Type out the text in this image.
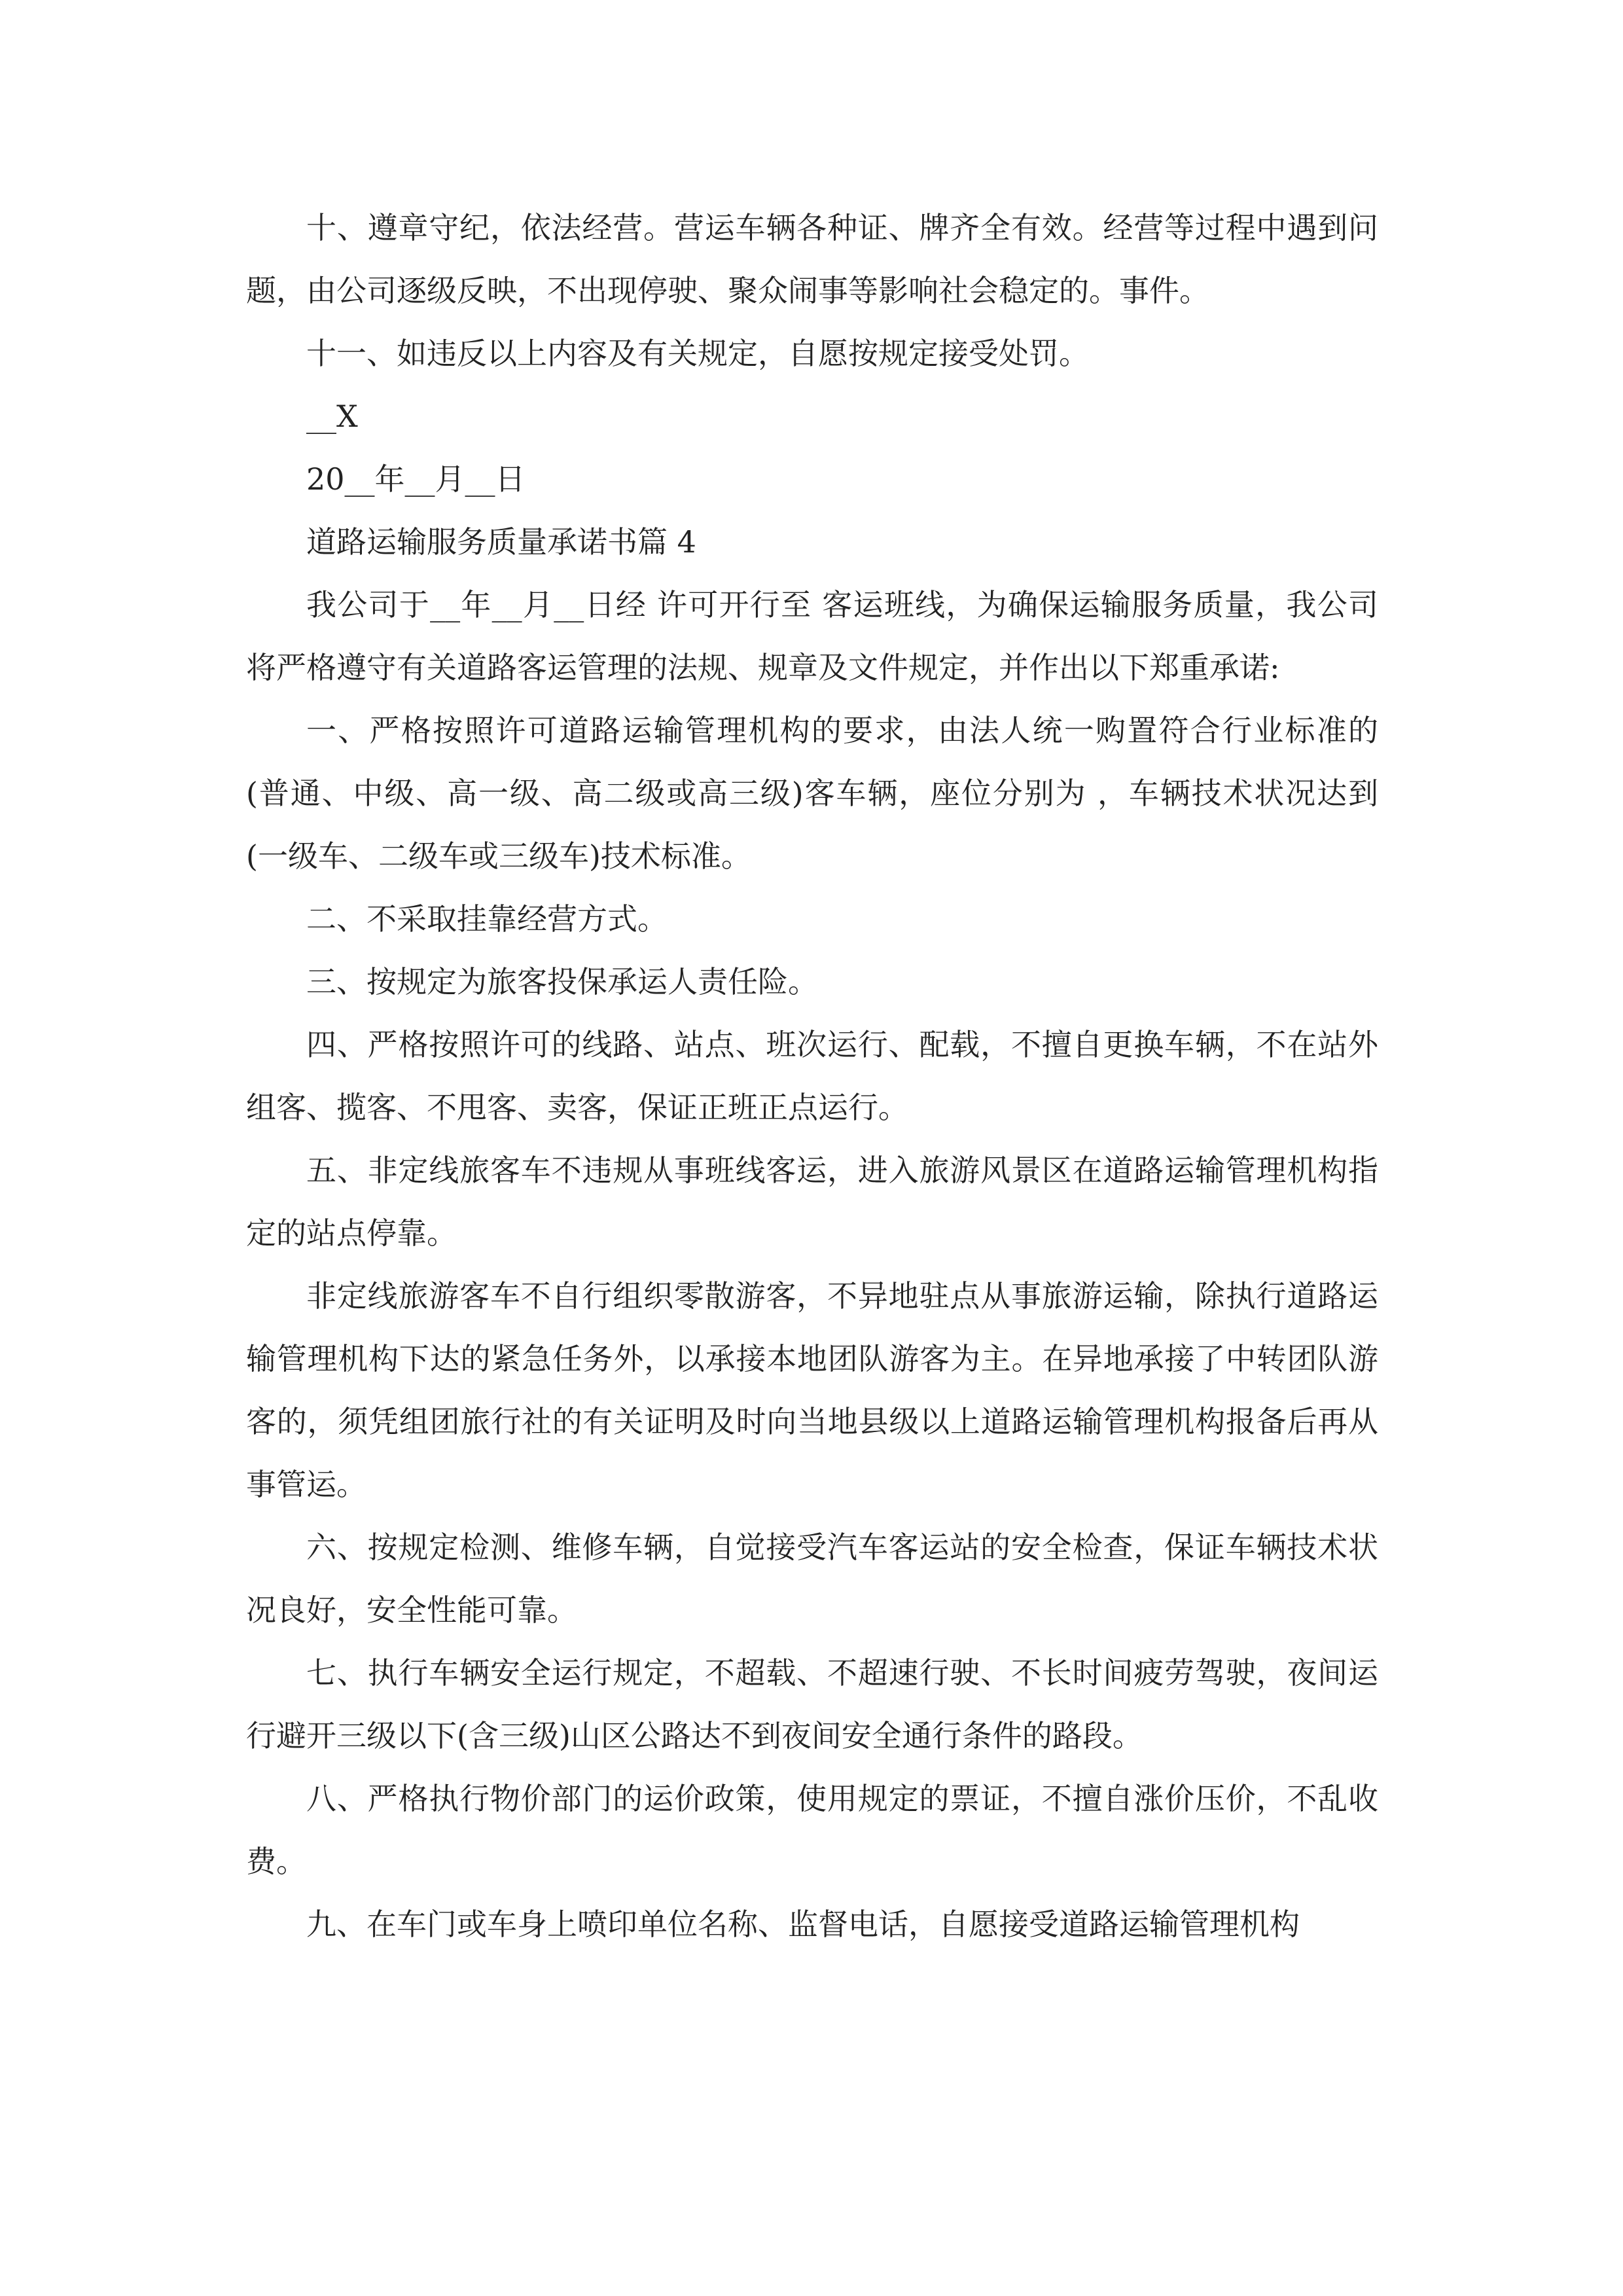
十、遵章守纪，依法经营。营运车辆各种证、牌齐全有效。经营等过程中遇到问题，由公司逐级反映，不出现停驶、聚众闹事等影响社会稳定的。事件。

十一、如违反以上内容及有关规定，自愿按规定接受处罚。

__X

20__年__月__日

道路运输服务质量承诺书篇 4

我公司于__年__月__日经 许可开行至 客运班线，为确保运输服务质量，我公司将严格遵守有关道路客运管理的法规、规章及文件规定，并作出以下郑重承诺:

一、严格按照许可道路运输管理机构的要求，由法人统一购置符合行业标准的 (普通、中级、高一级、高二级或高三级)客车辆，座位分别为 ，车辆技术状况达到 (一级车、二级车或三级车)技术标准。

二、不采取挂靠经营方式。

三、按规定为旅客投保承运人责任险。

四、严格按照许可的线路、站点、班次运行、配载，不擅自更换车辆，不在站外组客、揽客、不甩客、卖客，保证正班正点运行。

五、非定线旅客车不违规从事班线客运，进入旅游风景区在道路运输管理机构指定的站点停靠。

非定线旅游客车不自行组织零散游客，不异地驻点从事旅游运输，除执行道路运输管理机构下达的紧急任务外，以承接本地团队游客为主。在异地承接了中转团队游客的，须凭组团旅行社的有关证明及时向当地县级以上道路运输管理机构报备后再从事管运。

六、按规定检测、维修车辆，自觉接受汽车客运站的安全检查，保证车辆技术状况良好，安全性能可靠。

七、执行车辆安全运行规定，不超载、不超速行驶、不长时间疲劳驾驶，夜间运行避开三级以下(含三级)山区公路达不到夜间安全通行条件的路段。

八、严格执行物价部门的运价政策，使用规定的票证，不擅自涨价压价，不乱收费。

九、在车门或车身上喷印单位名称、监督电话，自愿接受道路运输管理机构
